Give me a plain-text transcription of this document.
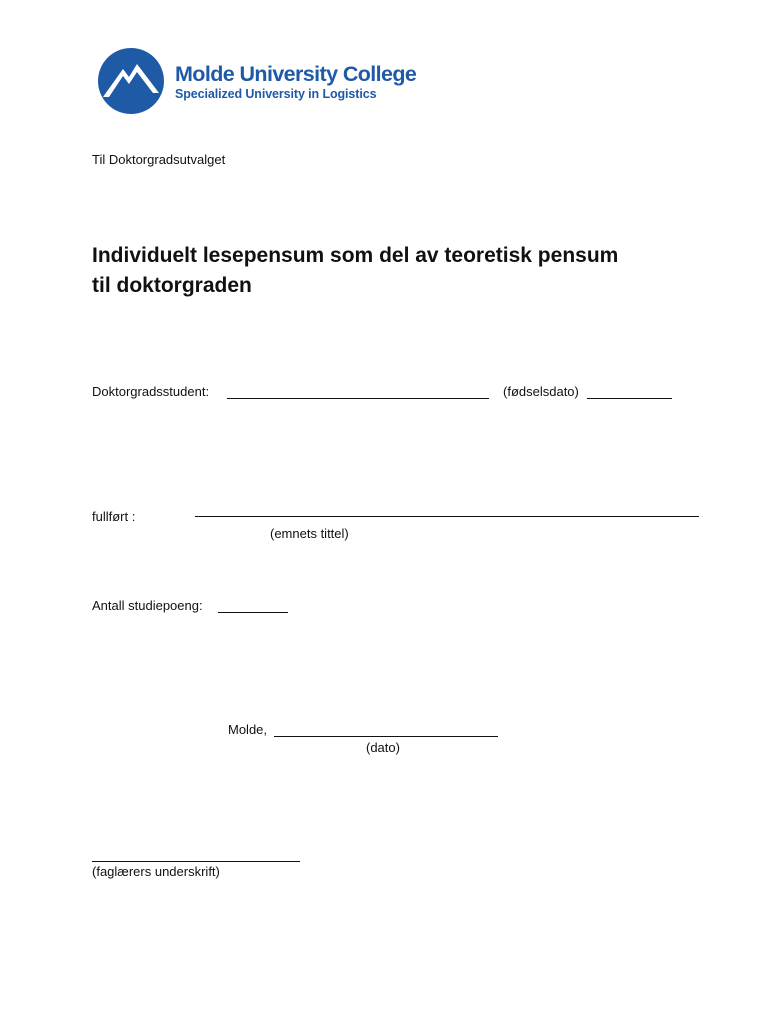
Molde University College
Specialized University in Logistics
Til Doktorgradsutvalget
Individuelt lesepensum som del av teoretisk pensum
til doktorgraden
Doktorgradsstudent:	(fødselsdato)
fullført :
(emnets tittel)
Antall studiepoeng:
Molde,
(dato)
(faglærers underskrift)
